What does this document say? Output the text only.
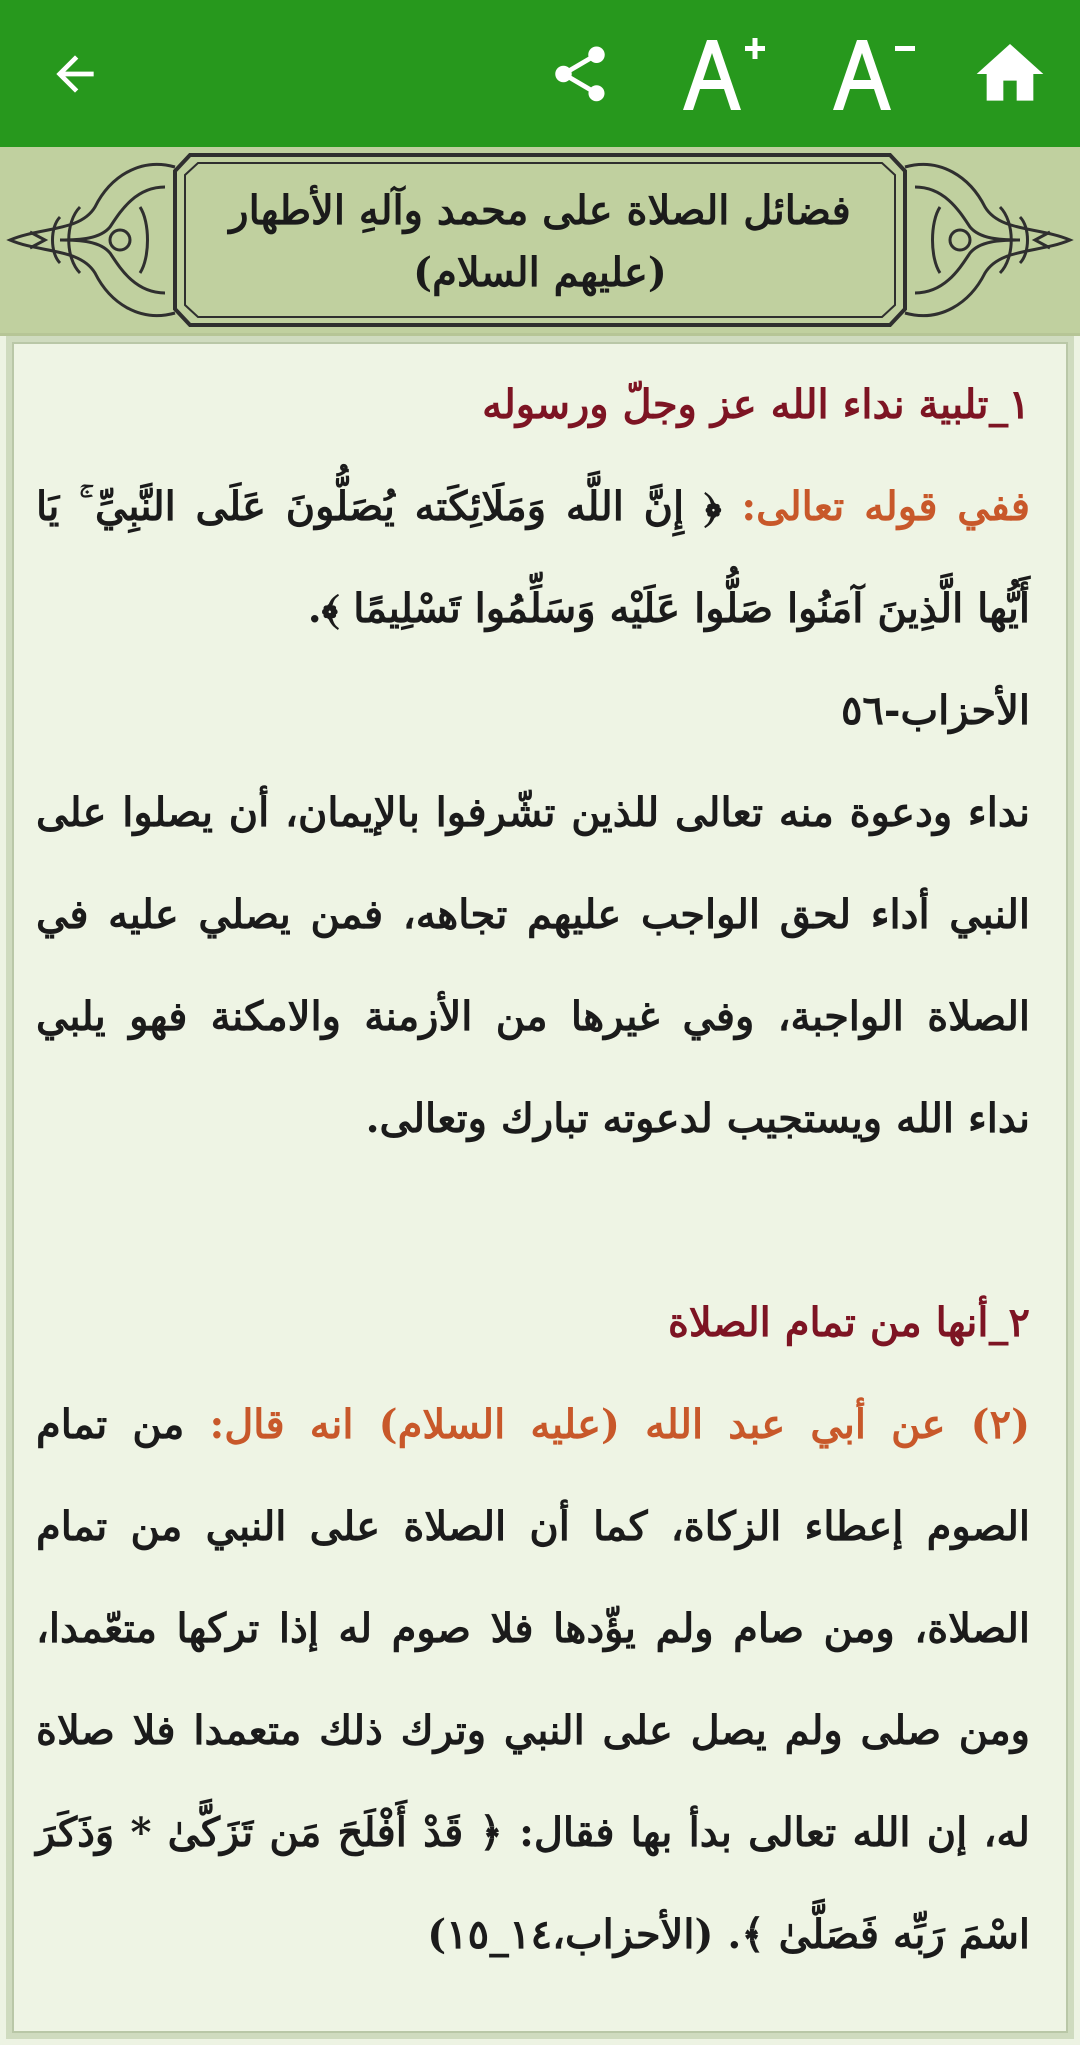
فضائل الصلاة على محمد وآلهِ الأطهار
(عليهم السلام)

١_تلبية نداء الله عز وجلّ ورسوله

ففي قوله تعالى: ﴿ إِنَّ اللَّه وَمَلَائِكَته يُصَلُّونَ عَلَى النَّبِيِّ ۚ يَا أَيُّها الَّذِينَ آمَنُوا صَلُّوا عَلَيْه وَسَلِّمُوا تَسْلِيمًا ﴾.

الأحزاب-٥٦

نداء ودعوة منه تعالى للذين تشّرفوا بالإيمان، أن يصلوا على النبي أداء لحق الواجب عليهم تجاهه، فمن يصلي عليه في الصلاة الواجبة، وفي غيرها من الأزمنة والامكنة فهو يلبي نداء الله ويستجيب لدعوته تبارك وتعالى.

٢_أنها من تمام الصلاة

(٢) عن أبي عبد الله (عليه السلام) انه قال: من تمام الصوم إعطاء الزكاة، كما أن الصلاة على النبي من تمام الصلاة، ومن صام ولم يؤّدها فلا صوم له إذا تركها متعّمدا، ومن صلى ولم يصل على النبي وترك ذلك متعمدا فلا صلاة له، إن الله تعالى بدأ بها فقال: ﴿ قَدْ أَفْلَحَ مَن تَزَكَّىٰ * وَذَكَرَ اسْمَ رَبِّه فَصَلَّىٰ ﴾. (الأحزاب،١٤_١٥)
